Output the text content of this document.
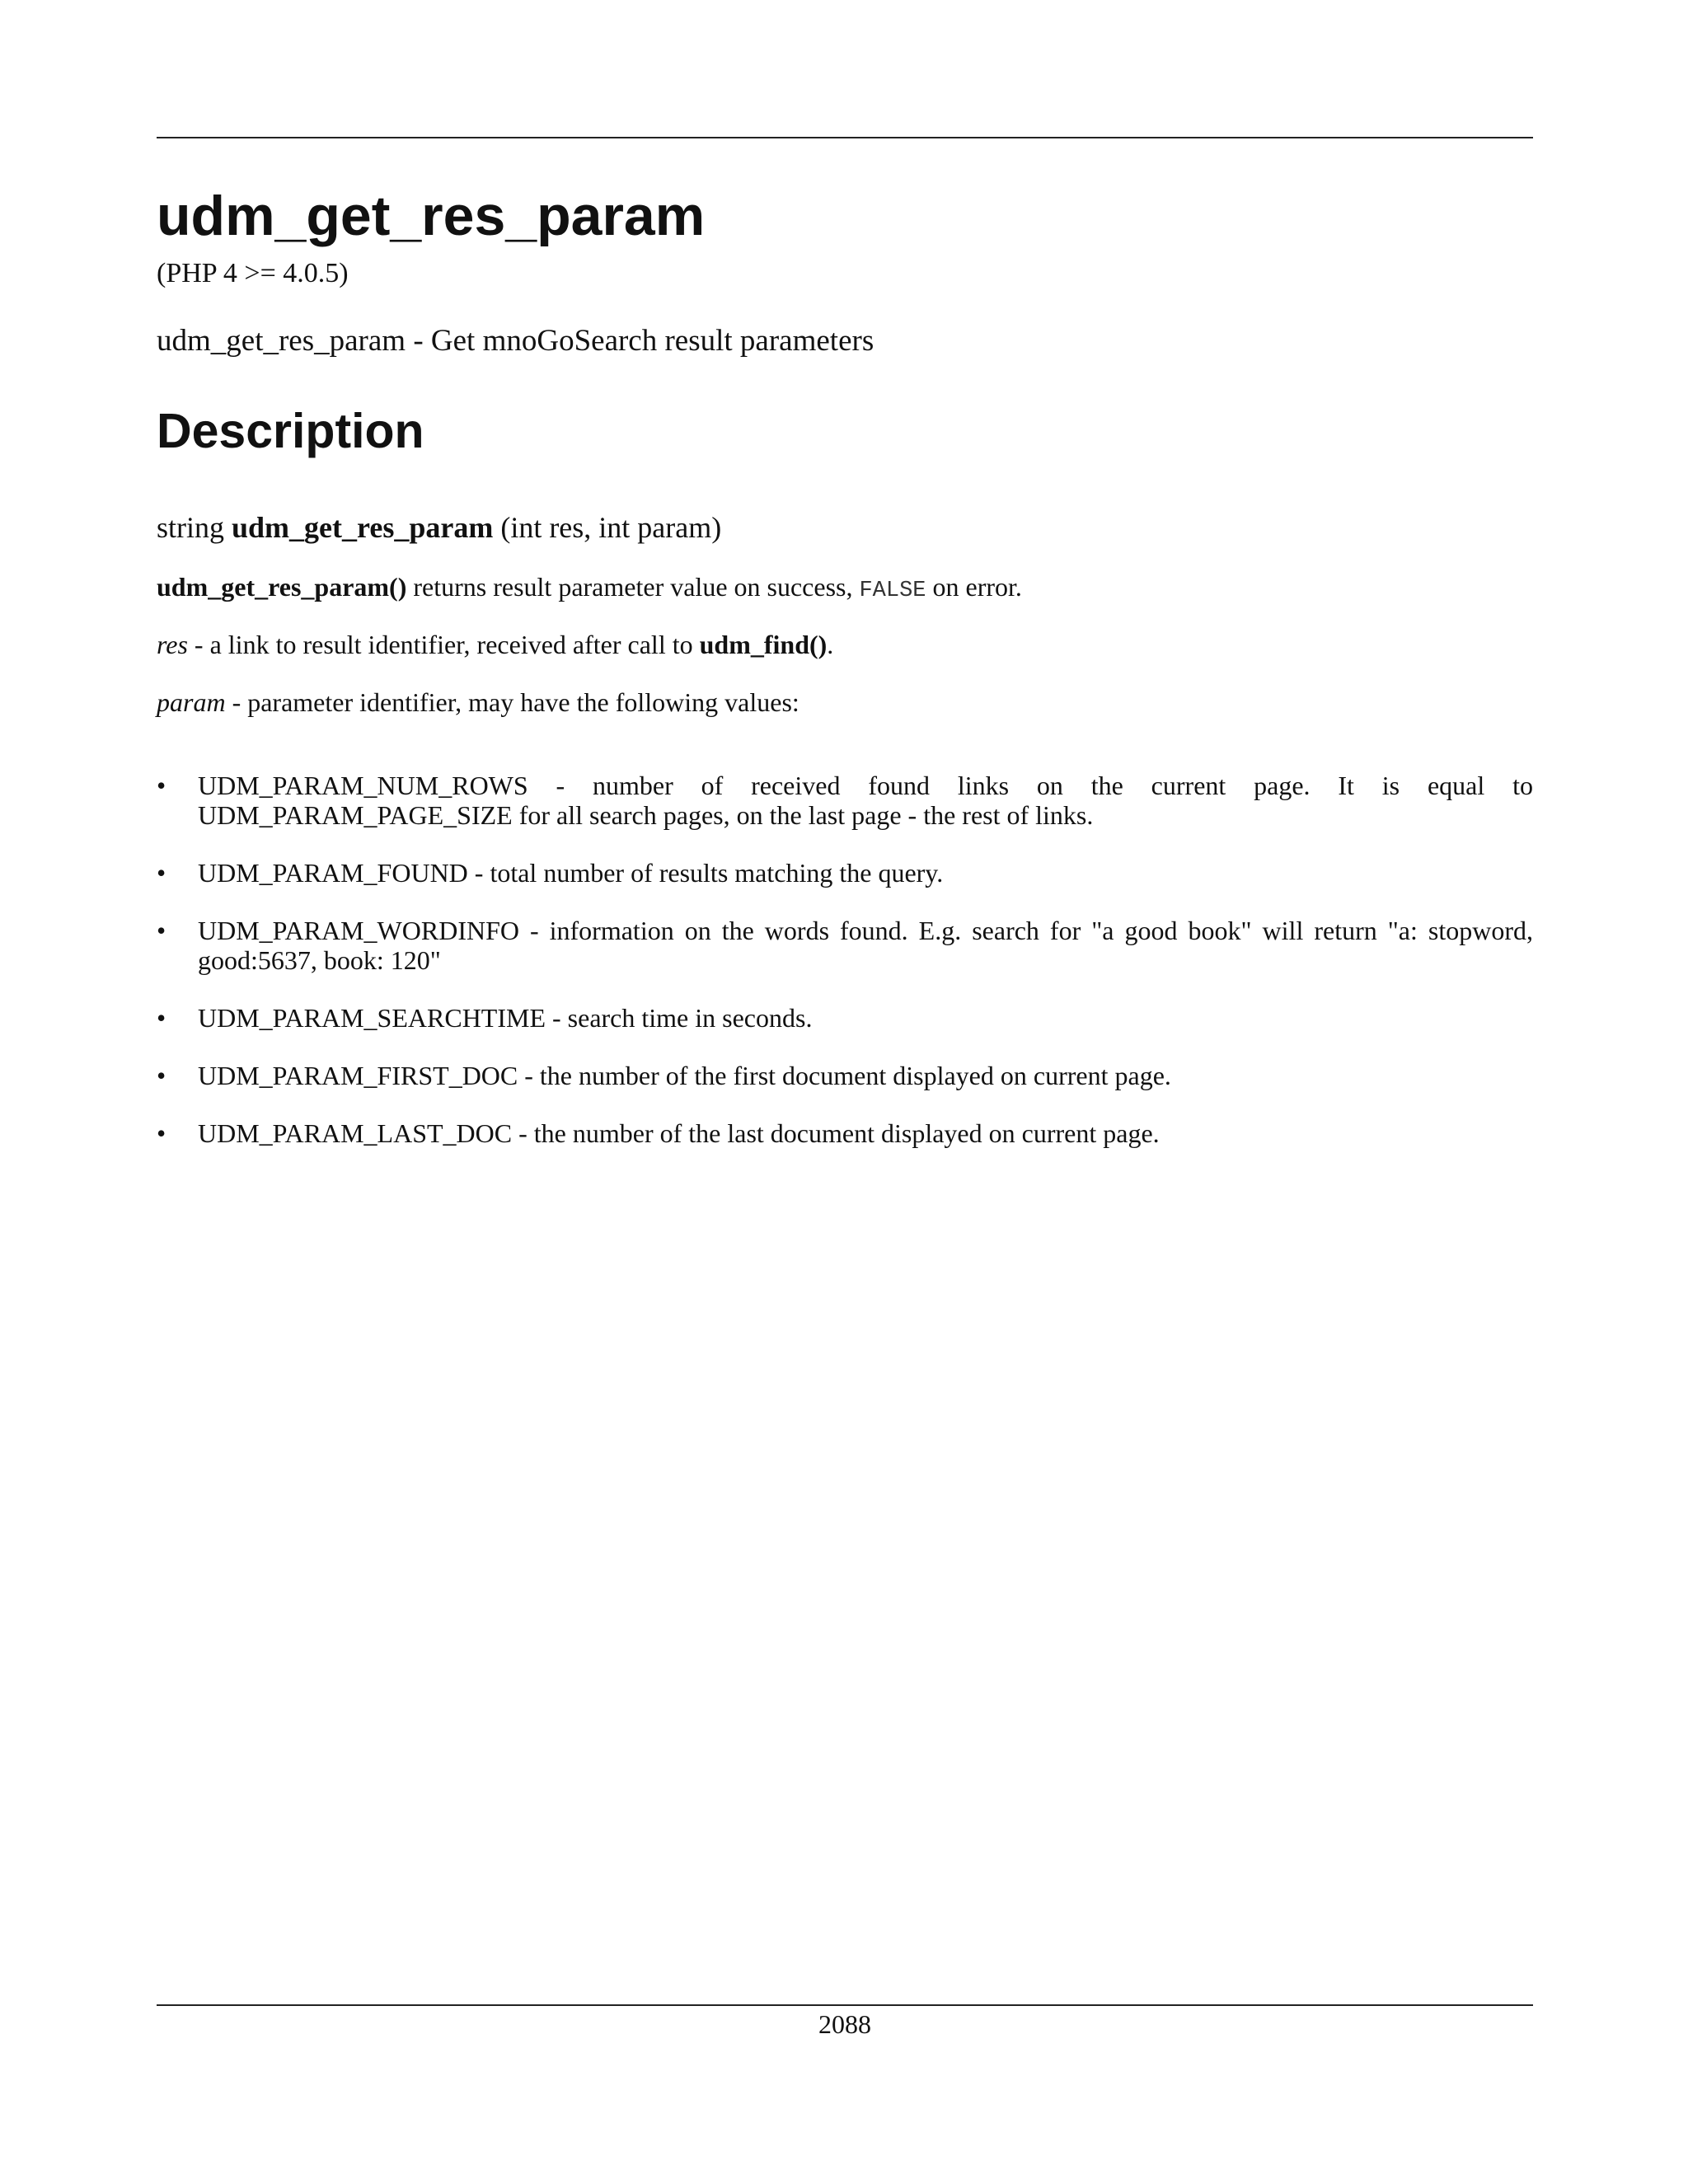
udm_get_res_param
(PHP 4 >= 4.0.5)
udm_get_res_param - Get mnoGoSearch result parameters
Description
string udm_get_res_param (int res, int param)
udm_get_res_param() returns result parameter value on success, FALSE on error.
res - a link to result identifier, received after call to udm_find().
param - parameter identifier, may have the following values:
• UDM_PARAM_NUM_ROWS - number of received found links on the current page. It is equal to UDM_PARAM_PAGE_SIZE for all search pages, on the last page - the rest of links.
• UDM_PARAM_FOUND - total number of results matching the query.
• UDM_PARAM_WORDINFO - information on the words found. E.g. search for "a good book" will return "a: stopword, good:5637, book: 120"
• UDM_PARAM_SEARCHTIME - search time in seconds.
• UDM_PARAM_FIRST_DOC - the number of the first document displayed on current page.
• UDM_PARAM_LAST_DOC - the number of the last document displayed on current page.
2088
